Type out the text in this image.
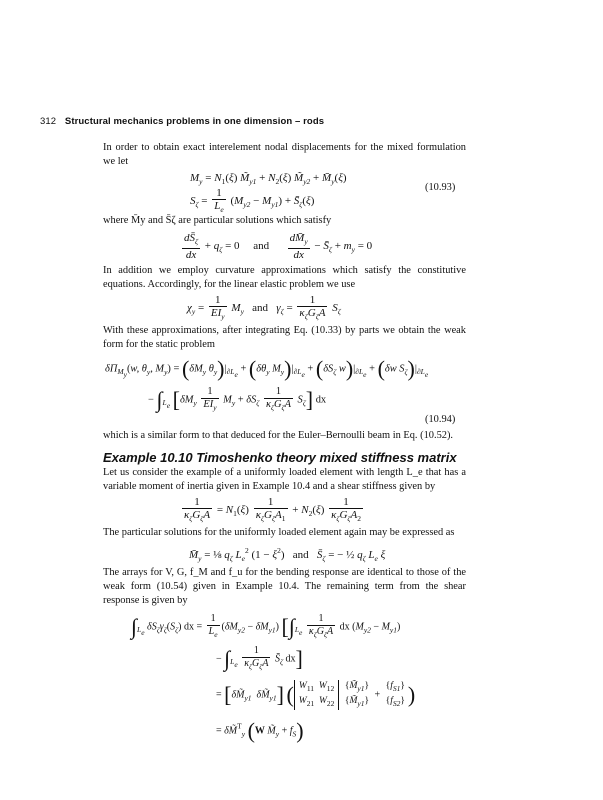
312 Structural mechanics problems in one dimension – rods
In order to obtain exact interelement nodal displacements for the mixed formulation we let
$M_y = N_1(\xi)$ $M̃_{y1} + N_2(\xi)$ $M̃_{y2}$ + $M̄_y(\xi)$
$S_\zeta = \frac{1}{L_e} (M_{y2} - M_{y1})$ + $S̄_\zeta(\xi)$
(10.93)
where M̄y and S̄ζ are particular solutions which satisfy
$\frac{dS̄_\zeta}{dx} + q_\zeta = 0$     and $\frac{dM̄_y}{dx}$ − $S̄_\zeta + m_y = 0$
In addition we employ curvature approximations which satisfy the constitutive equations. Accordingly, for the linear elastic problem we use
$\chi_y = \frac{1}{EI_y} M_y$   and   $\gamma_\zeta = \frac{1}{\kappa_\zeta G_\zeta A} S_\zeta$
With these approximations, after integrating Eq. (10.33) by parts we obtain the weak form for the static problem
$\delta\Pi_{My}(w$, $\theta_y$, $M_y) = (\delta M_y$ $\theta_y)|_{\partial Le} + (\delta\theta_y$ $M_y)|_{\partial Le} + (\delta S_\zeta$ $w)|_{\partial Le} + (\delta w$ $S_\zeta)|_{\partial Le}$
− $\int_{Le}$ $[\delta M_y \frac{1}{EI_y} M_y + \delta S_\zeta \frac{1}{\kappa_\zeta G_\zeta A} S_\zeta]$ dx
(10.94)
which is a similar form to that deduced for the Euler–Bernoulli beam in Eq. (10.52).
Example 10.10 Timoshenko theory mixed stiffness matrix
Let us consider the example of a uniformly loaded element with length L_e that has a variable moment of inertia given in Example 10.4 and a shear stiffness given by
$\frac{1}{\kappa_\zeta G_\zeta A} = N_1(\xi) \frac{1}{\kappa_\zeta G_\zeta A_1} + N_2(\xi) \frac{1}{\kappa_\zeta G_\zeta A_2}$
The particular solutions for the uniformly loaded element again may be expressed as
$M̄_y$ = ⅛ $q_\zeta$ $L_e^2$ $(1 - \xi^2)$   and   $S̄_\zeta$ = − ½ $q_\zeta$ $L_e$ ξ
The arrays for V, G, f_M and f_u for the bending response are identical to those of the weak form (10.54) given in Example 10.4. The remaining term from the shear response is given by
$\int_{Le}$ $\delta S_\zeta\gamma_\zeta(S_\zeta)$ dx = $\frac{1}{L_e} (\delta M_{y2} - \delta M_{y1})$ [$\int_{Le} \frac{1}{\kappa_\zeta G_\zeta A}$ dx $(M_{y2} - M_{y1})$
− $\int_{Le} \frac{1}{\kappa_\zeta G_\zeta A}$ $S̄_\zeta$ dx]
= [$\delta M̃_{y1}$  $\delta M̃_{y1}$] ( $W_{11}$  $W_{12}$
$W_{21}$  $W_{22}$ $\{M̃_{y1}\}$
$\{M̃_{y1}\} + \{f_{S1}\}$
$\{f_{S2}\}$ )
= δM̃$^T_y$ (W $M̃_y + f_S$)
